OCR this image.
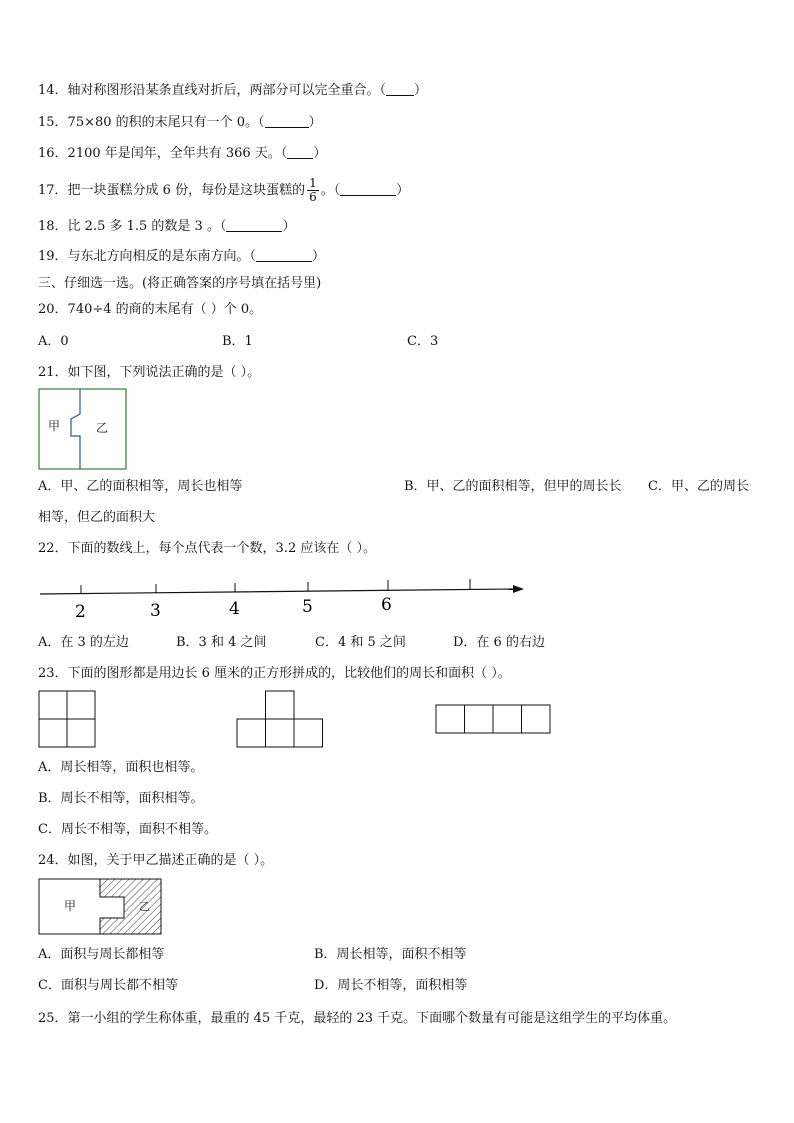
14．轴对称图形沿某条直线对折后，两部分可以完全重合。（ ）
15．75×80 的积的末尾只有一个 0。（	）
16．2100 年是闰年，全年共有 366 天。（ ）
17．把一块蛋糕分成 6 份，每份是这块蛋糕的 $\frac{1}{6}$ 。（	）
18．比 2.5 多 1.5 的数是 3 。（	）
19．与东北方向相反的是东南方向。（	）
三、仔细选一选。(将正确答案的序号填在括号里)
20．740÷4 的商的末尾有（ ）个 0。
A．0	B．1	C．3
21．如下图，下列说法正确的是（ ）。
甲	乙
A．甲、乙的面积相等，周长也相等	B．甲、乙的面积相等，但甲的周长长 C．甲、乙的周长
相等，但乙的面积大
22．下面的数线上，每个点代表一个数，3.2 应该在（ ）。
2	3	4	5	6
A．在 3 的左边	B．3 和 4 之间	C．4 和 5 之间	D．在 6 的右边
23．下面的图形都是用边长 6 厘米的正方形拼成的，比较他们的周长和面积（ ）。
A．周长相等，面积也相等。
B．周长不相等，面积相等。
C．周长不相等，面积不相等。
24．如图，关于甲乙描述正确的是（ ）。
甲	乙
A．面积与周长都相等	B．周长相等，面积不相等
C．面积与周长都不相等	D．周长不相等，面积相等
25．第一小组的学生称体重，最重的 45 千克，最轻的 23 千克。下面哪个数量有可能是这组学生的平均体重。
